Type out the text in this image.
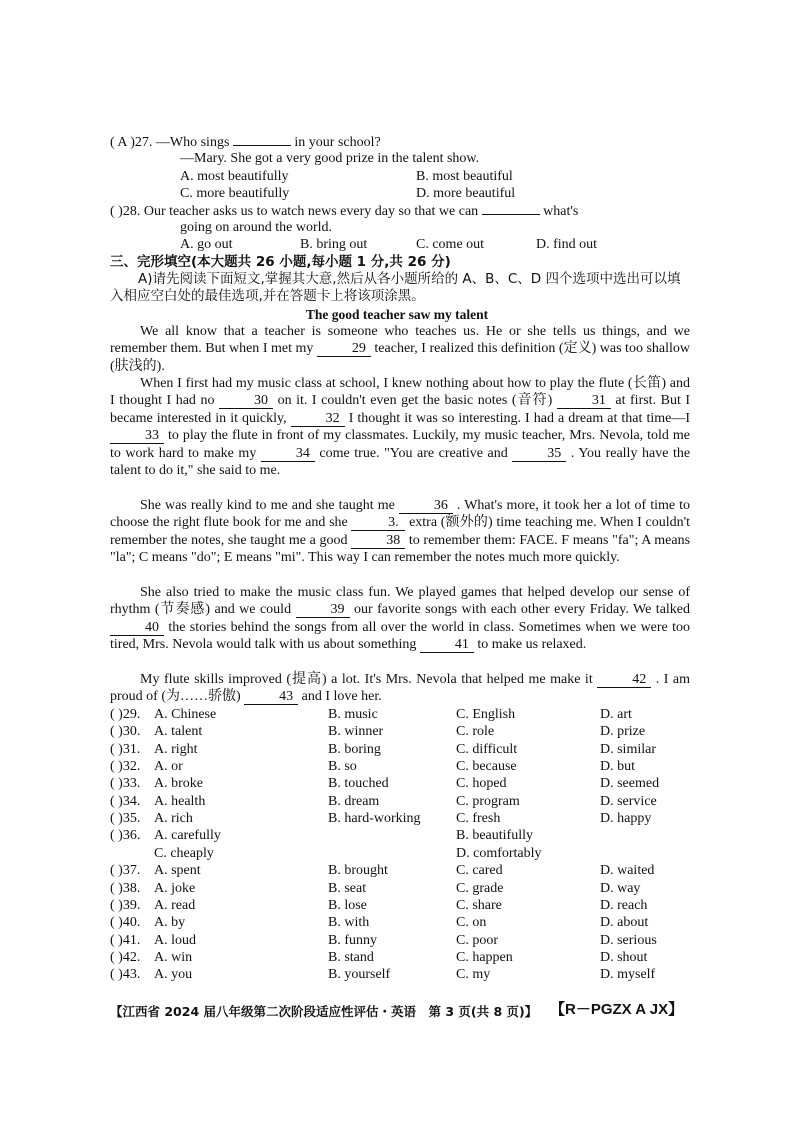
( A )27. —Who sings	in your school?
—Mary. She got a very good prize in the talent show.
A. most beautifully	B. most beautiful
C. more beautifully	D. more beautiful
( )28. Our teacher asks us to watch news every day so that we can	what's
going on around the world.
A. go out	B. bring out	C. come out	D. find out
三、完形填空(本大题共 26 小题,每小题 1 分,共 26 分)
A)请先阅读下面短文,掌握其大意,然后从各小题所给的 A、B、C、D 四个选项中选出可以填入相应空白处的最佳选项,并在答题卡上将该项涂黑。
The good teacher saw my talent

We all know that a teacher is someone who teaches us. He or she tells us things, and we remember them. But when I met my	29 teacher, I realized this definition (定义) was too shallow (肤浅的).

When I first had my music class at school, I knew nothing about how to play the flute (长笛) and I thought I had no	30 on it. I couldn't even get the basic notes (音符)	31 at first. But I became interested in it quickly,	32 I thought it was so interesting. I had a dream at that time—I 33 to play the flute in front of my classmates. Luckily, my music teacher, Mrs. Nevola, told me to work hard to make my	34 come true. "You are creative and	35 . You really have the talent to do it," she said to me.

She was really kind to me and she taught me	36 . What's more, it took her a lot of time to choose the right flute book for me and she	3. extra (额外的) time teaching me. When I couldn't remember the notes, she taught me a good	38 to remember them: FACE. F means "fa"; A means "la"; C means "do"; E means "mi". This way I can remember the notes much more quickly.

She also tried to make the music class fun. We played games that helped develop our sense of rhythm (节奏感) and we could	39 our favorite songs with each other every Friday. We talked 40 the stories behind the songs from all over the world in class. Sometimes when we were too tired, Mrs. Nevola would talk with us about something	41 to make us relaxed.

My flute skills improved (提高) a lot. It's Mrs. Nevola that helped me make it	42 . I am proud of (为……骄傲)	43 and I love her.

( )29. A. Chinese	B. music	C. English	D. art
( )30. A. talent	B. winner	C. role	D. prize
( )31. A. right	B. boring	C. difficult	D. similar
( )32. A. or	B. so	C. because	D. but
( )33. A. broke	B. touched	C. hoped	D. seemed
( )34. A. health	B. dream	C. program	D. service
( )35. A. rich	B. hard-working	C. fresh	D. happy
( )36. A. carefully	B. beautifully
C. cheaply	D. comfortably
( )37. A. spent	B. brought	C. cared	D. waited
( )38. A. joke	B. seat	C. grade	D. way
( )39. A. read	B. lose	C. share	D. reach
( )40. A. by	B. with	C. on	D. about
( )41. A. loud	B. funny	C. poor	D. serious
( )42. A. win	B. stand	C. happen	D. shout
( )43. A. you	B. yourself	C. my	D. myself
【江西省 2024 届八年级第二次阶段适应性评估・英语　第 3 页(共 8 页)】 【R－PGZX A JX】
